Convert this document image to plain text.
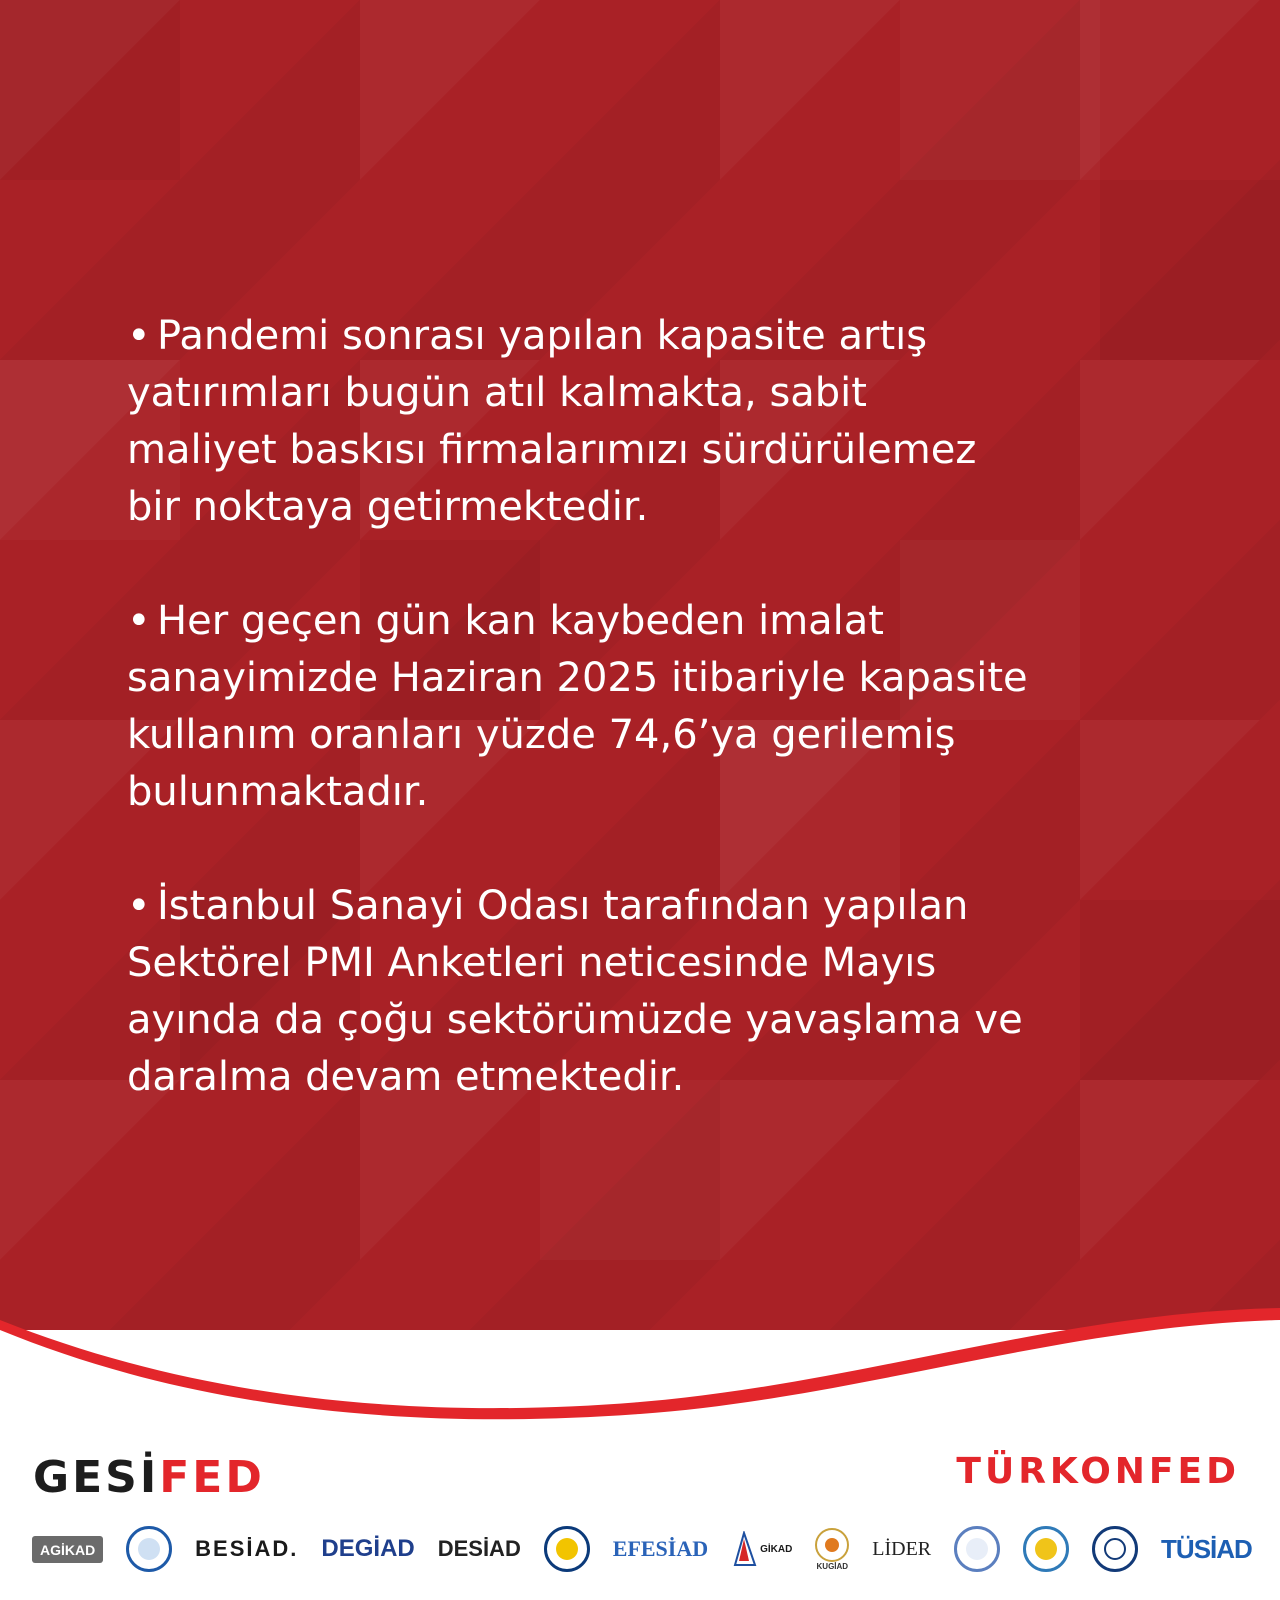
• Pandemi sonrası yapılan kapasite artış
yatırımları bugün atıl kalmakta, sabit
maliyet baskısı firmalarımızı sürdürülemez
bir noktaya getirmektedir.
• Her geçen gün kan kaybeden imalat
sanayimizde Haziran 2025 itibariyle kapasite
kullanım oranları yüzde 74,6’ya gerilemiş
bulunmaktadır.
• İstanbul Sanayi Odası tarafından yapılan
Sektörel PMI Anketleri neticesinde Mayıs
ayında da çoğu sektörümüzde yavaşlama ve
daralma devam etmektedir.
GESİFED	TÜRKONFED
AGİKAD	BESİAD. DEGİAD DESİAD	EFESİAD	GİKAD
KUGİAD
LİDER	TÜSİAD
